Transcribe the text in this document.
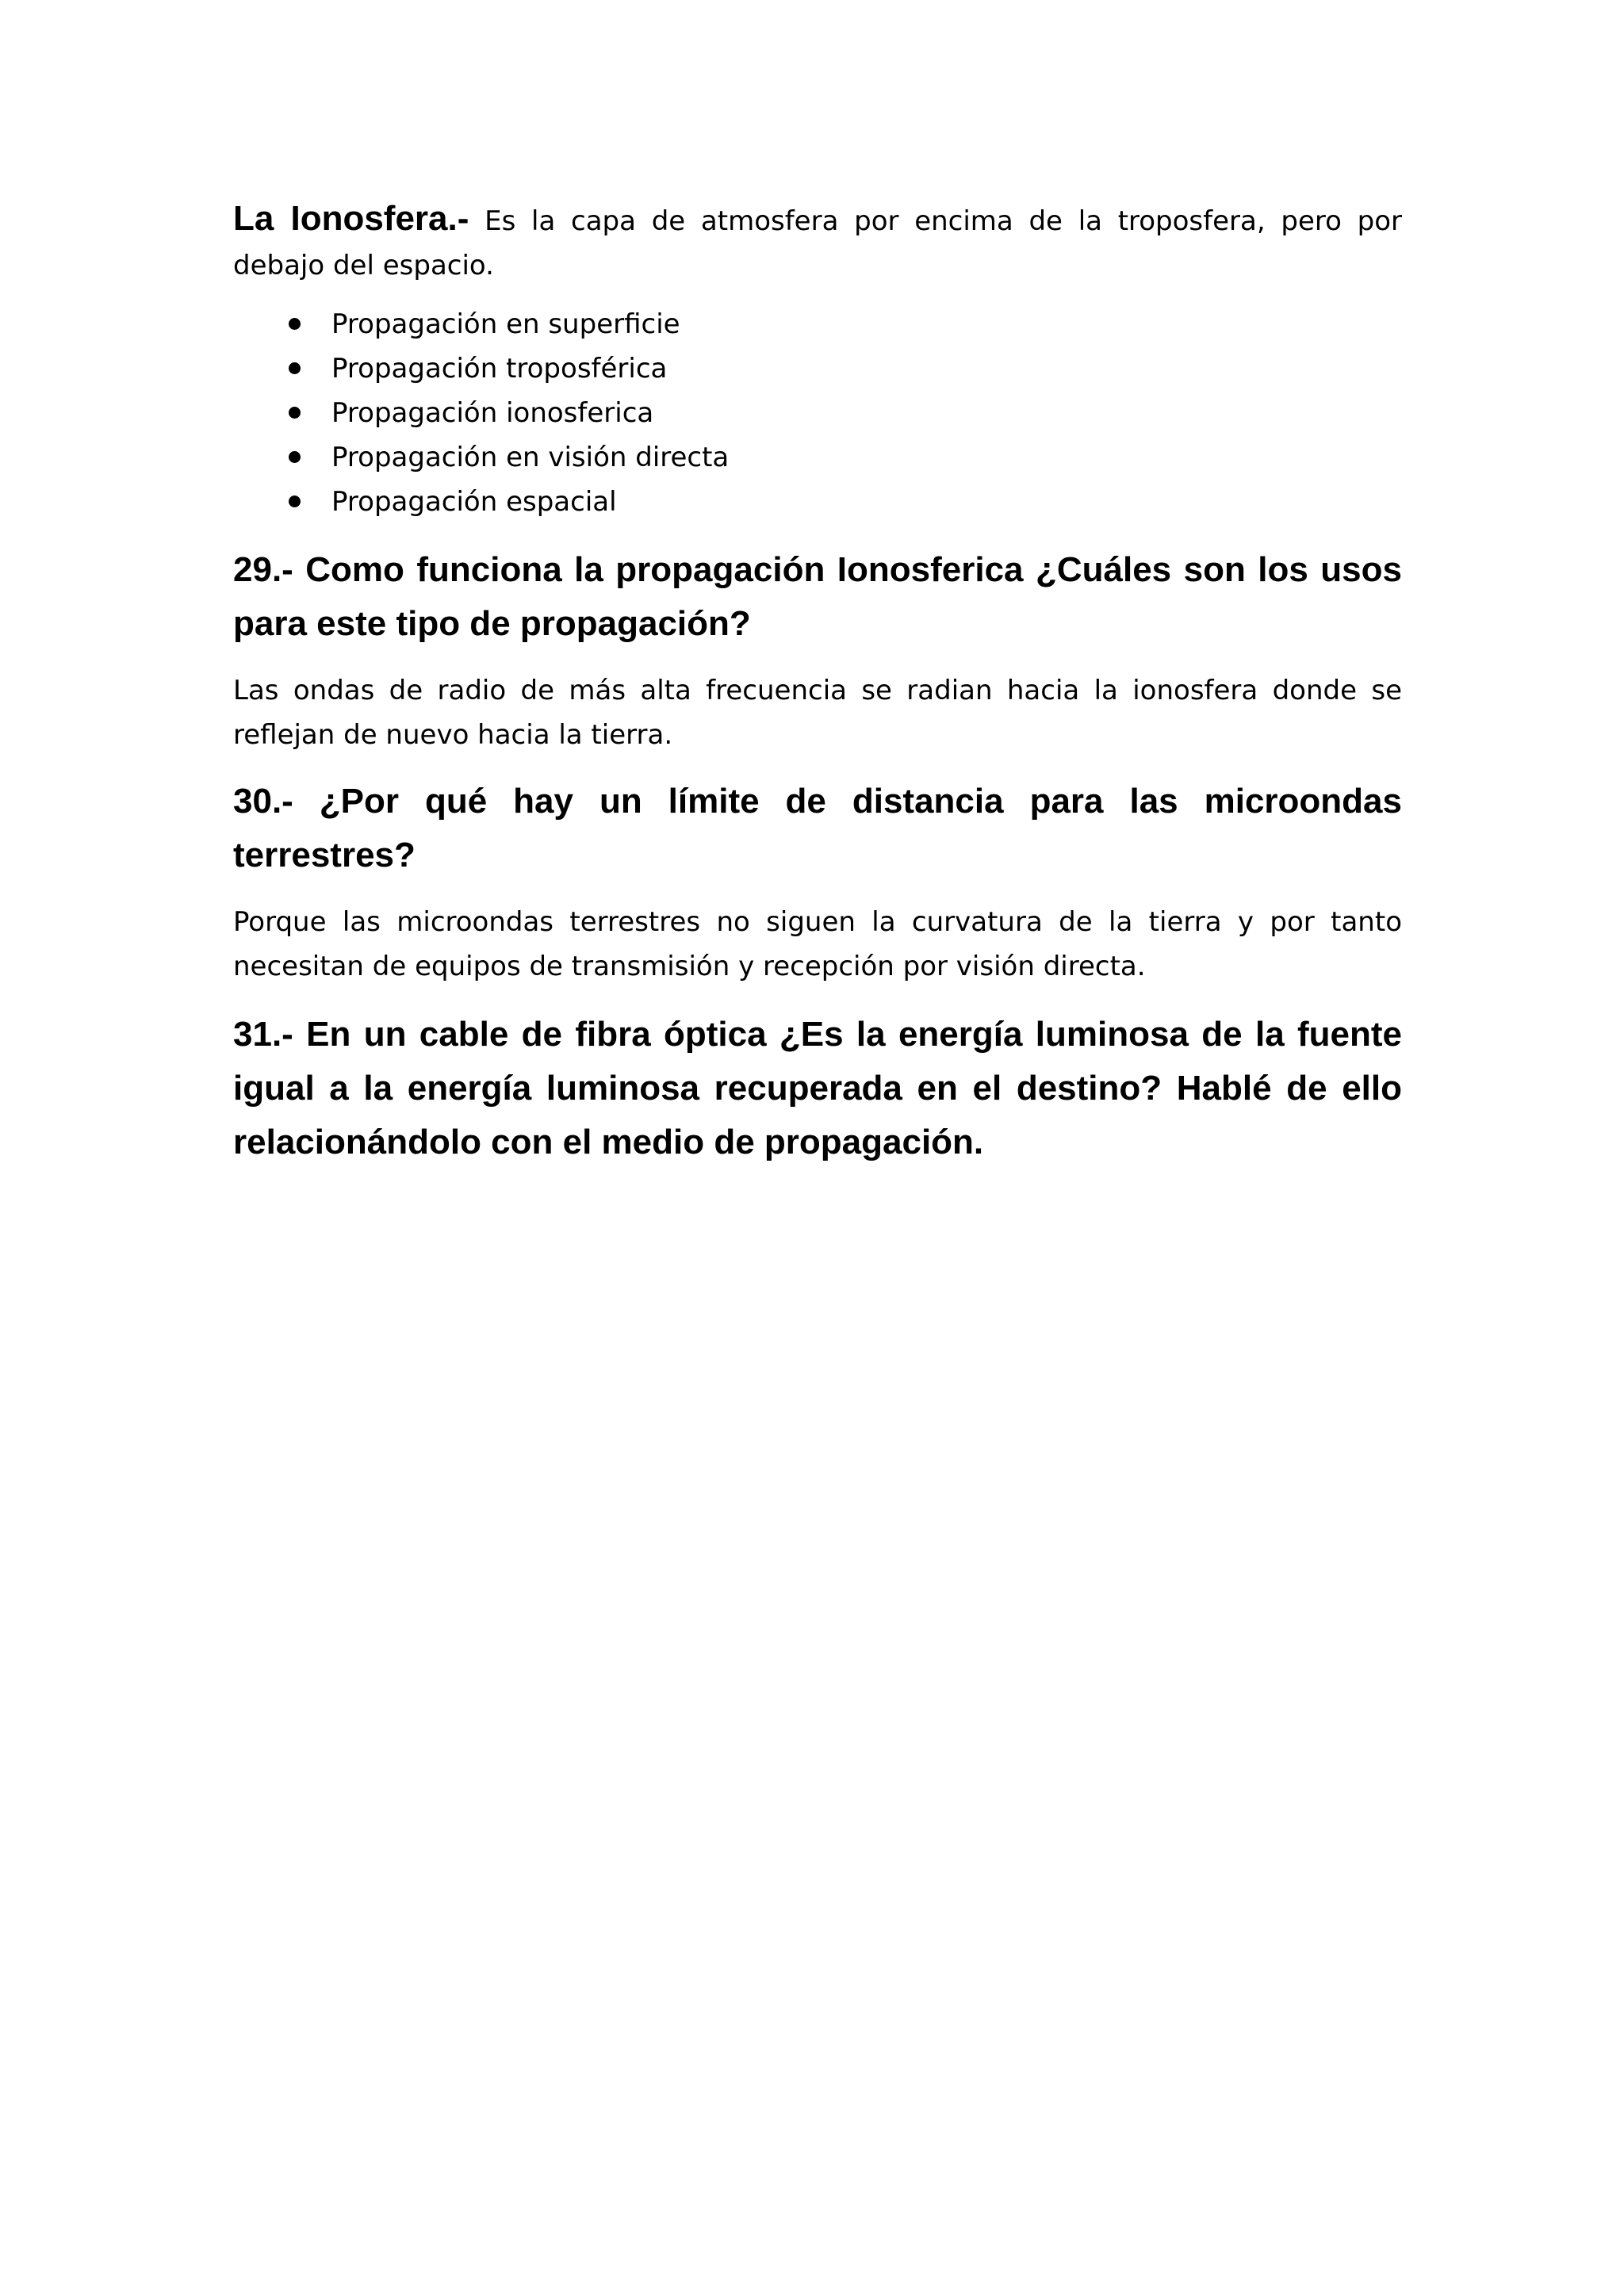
La Ionosfera.- Es la capa de atmosfera por encima de la troposfera, pero por debajo del espacio.

Propagación en superficie
Propagación troposférica
Propagación ionosferica
Propagación en visión directa
Propagación espacial
29.- Como funciona la propagación Ionosferica ¿Cuáles son los usos para este tipo de propagación?

Las ondas de radio de más alta frecuencia se radian hacia la ionosfera donde se reflejan de nuevo hacia la tierra.

30.- ¿Por qué hay un límite de distancia para las microondas terrestres?

Porque las microondas terrestres no siguen la curvatura de la tierra y por tanto necesitan de equipos de transmisión y recepción por visión directa.

31.- En un cable de fibra óptica ¿Es la energía luminosa de la fuente igual a la energía luminosa recuperada en el destino? Hablé de ello relacionándolo con el medio de propagación.
